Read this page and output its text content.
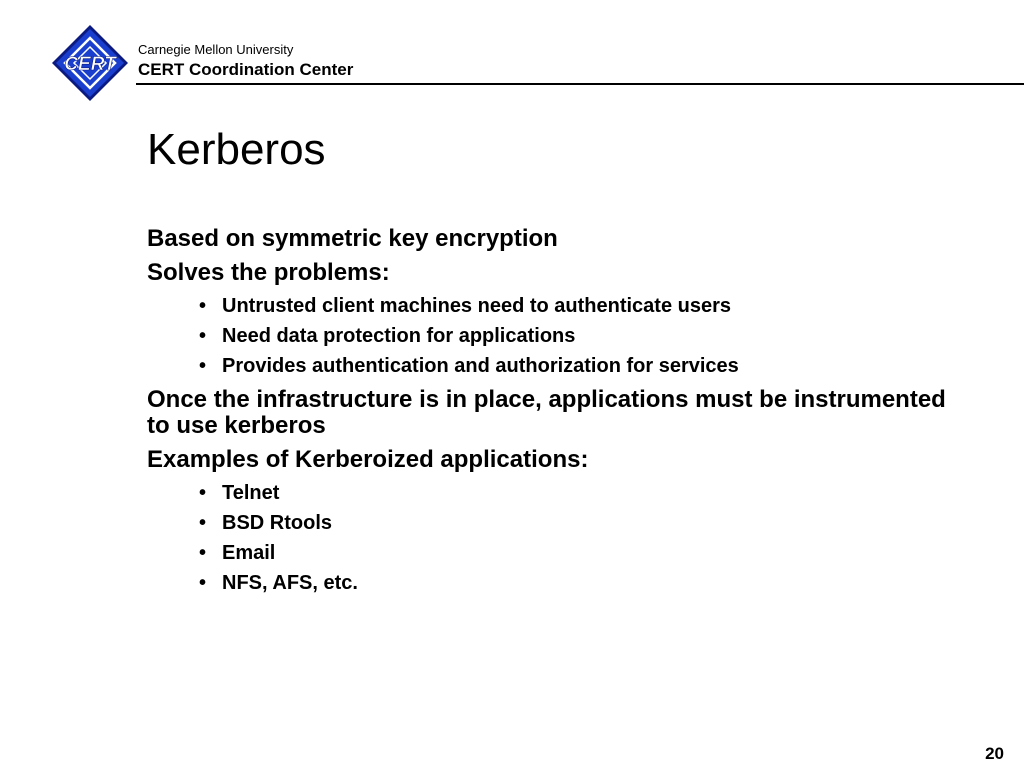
CERT
Carnegie Mellon University
CERT Coordination Center
Kerberos
Based on symmetric key encryption
Solves the problems:
• Untrusted client machines need to authenticate users
• Need data protection for applications
• Provides authentication and authorization for services
Once the infrastructure is in place, applications must be instrumented to use kerberos
Examples of Kerberoized applications:
• Telnet
• BSD Rtools
• Email
• NFS, AFS, etc.
20
